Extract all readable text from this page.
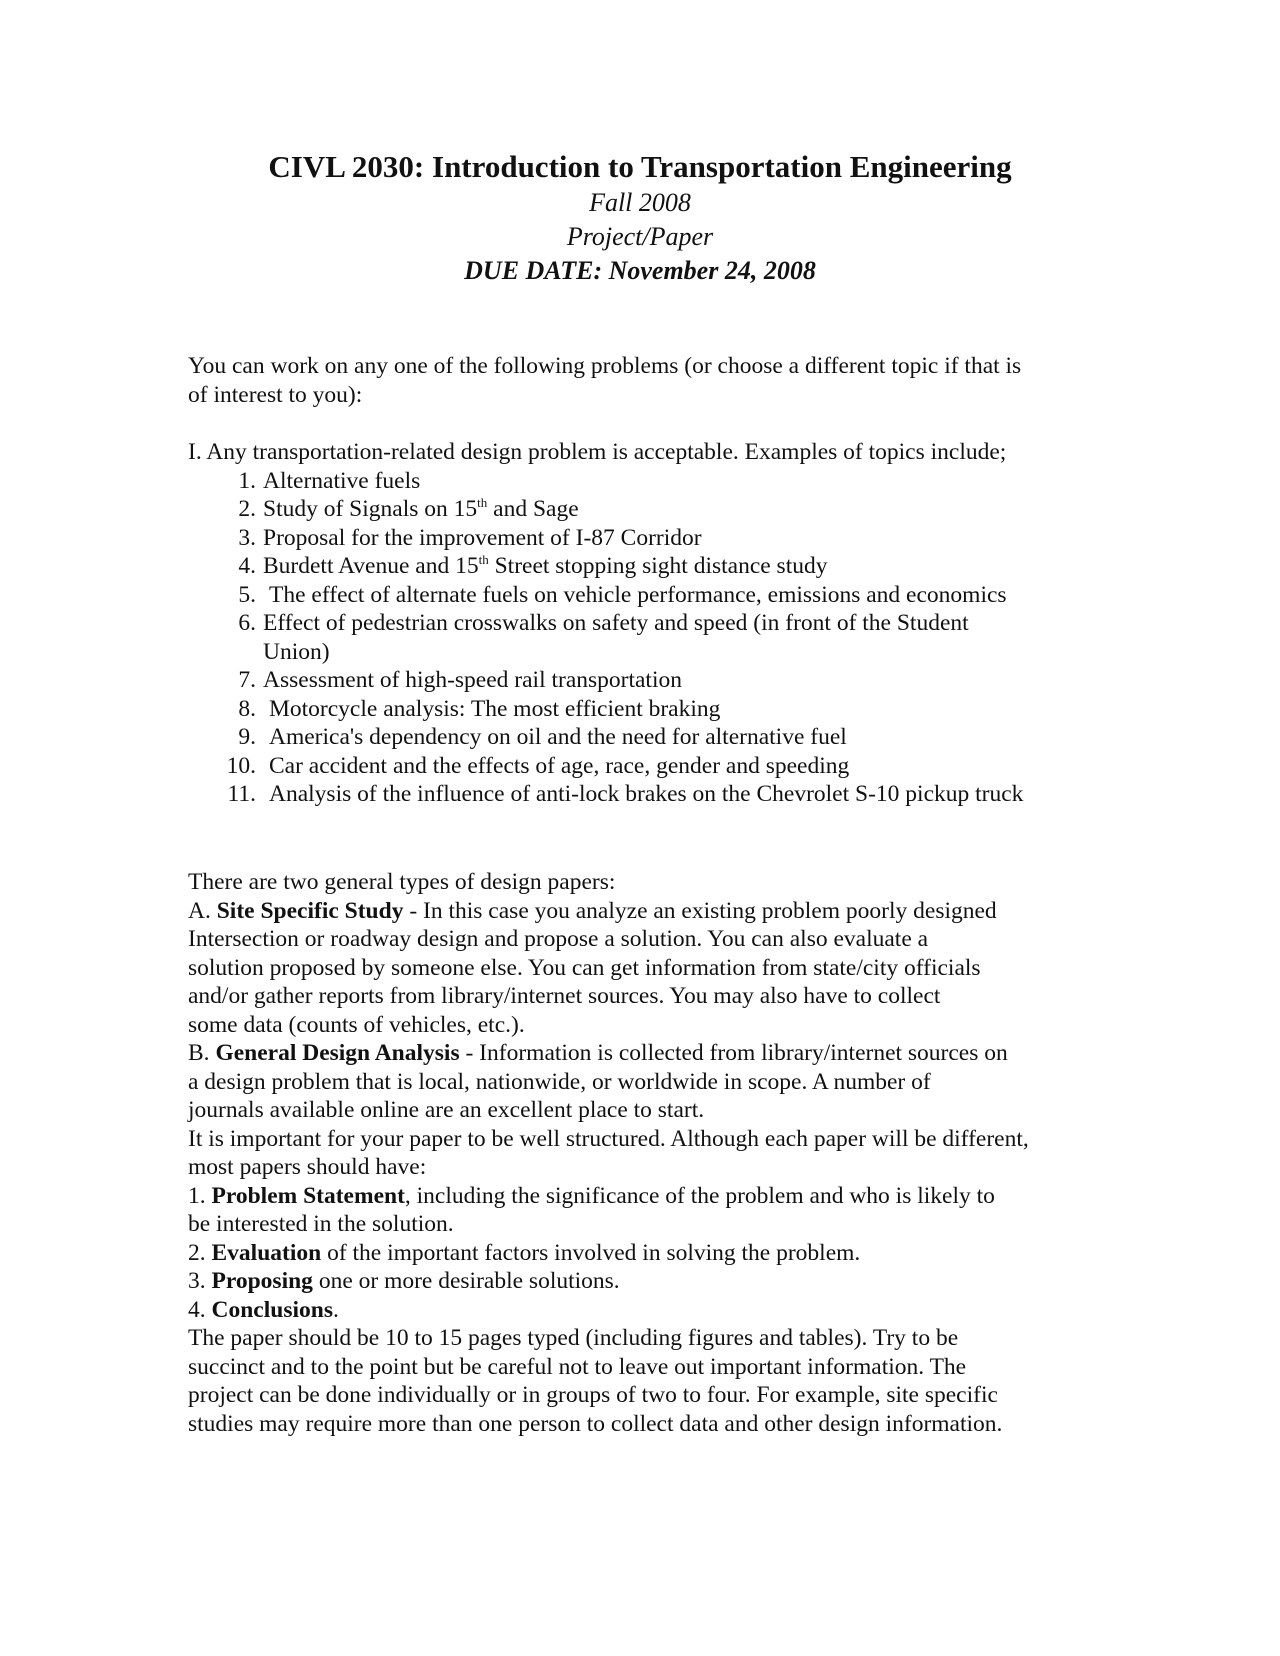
CIVL 2030: Introduction to Transportation Engineering

Fall 2008

Project/Paper

DUE DATE: November 24, 2008

You can work on any one of the following problems (or choose a different topic if that is

of interest to you):

I. Any transportation-related design problem is acceptable. Examples of topics include;

1. Alternative fuels
2. Study of Signals on 15th and Sage
3. Proposal for the improvement of I-87 Corridor
4. Burdett Avenue and 15th Street stopping sight distance study
5. The effect of alternate fuels on vehicle performance, emissions and economics
6. Effect of pedestrian crosswalks on safety and speed (in front of the Student
Union)
7. Assessment of high-speed rail transportation
8. Motorcycle analysis: The most efficient braking
9. America's dependency on oil and the need for alternative fuel
10. Car accident and the effects of age, race, gender and speeding
11. Analysis of the influence of anti-lock brakes on the Chevrolet S-10 pickup truck

There are two general types of design papers:

A. Site Specific Study - In this case you analyze an existing problem poorly designed

Intersection or roadway design and propose a solution. You can also evaluate a

solution proposed by someone else. You can get information from state/city officials

and/or gather reports from library/internet sources. You may also have to collect

some data (counts of vehicles, etc.).

B. General Design Analysis - Information is collected from library/internet sources on

a design problem that is local, nationwide, or worldwide in scope. A number of

journals available online are an excellent place to start.

It is important for your paper to be well structured. Although each paper will be different,

most papers should have:

1. Problem Statement, including the significance of the problem and who is likely to

be interested in the solution.

2. Evaluation of the important factors involved in solving the problem.

3. Proposing one or more desirable solutions.

4. Conclusions.

The paper should be 10 to 15 pages typed (including figures and tables). Try to be

succinct and to the point but be careful not to leave out important information. The

project can be done individually or in groups of two to four. For example, site specific

studies may require more than one person to collect data and other design information.
